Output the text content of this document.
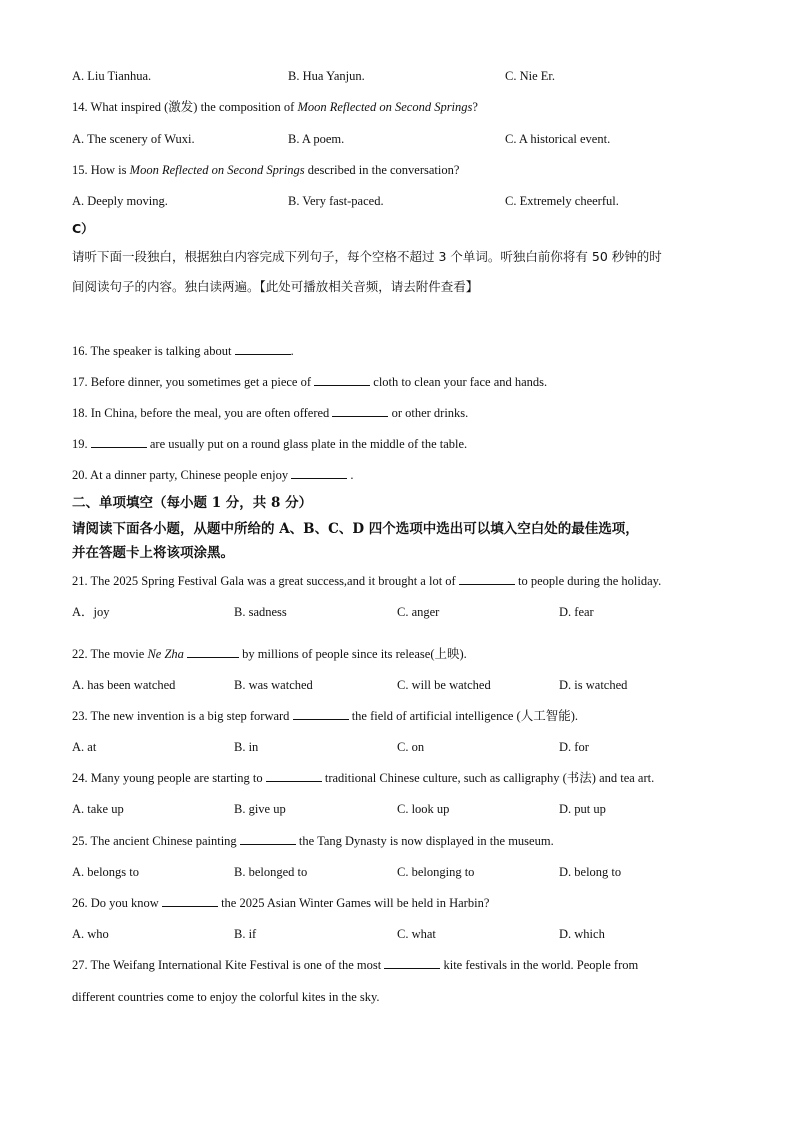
A. Liu Tianhua.	B. Hua Yanjun.	C. Nie Er.
14. What inspired (激发) the composition of Moon Reflected on Second Springs?
A. The scenery of Wuxi.	B. A poem.	C. A historical event.
15. How is Moon Reflected on Second Springs described in the conversation?
A. Deeply moving.	B. Very fast-paced.	C. Extremely cheerful.
C）
请听下面一段独白，根据独白内容完成下列句子，每个空格不超过 3 个单词。听独白前你将有 50 秒钟的时
间阅读句子的内容。独白读两遍。【此处可播放相关音频，请去附件查看】
16. The speaker is talking about	.
17. Before dinner, you sometimes get a piece of	cloth to clean your face and hands.
18. In China, before the meal, you are often offered	or other drinks.
19.	are usually put on a round glass plate in the middle of the table.
20. At a dinner party, Chinese people enjoy	.
二、单项填空（每小题 1 分，共 8 分）
请阅读下面各小题，从题中所给的 A、B、C、D 四个选项中选出可以填入空白处的最佳选项，
并在答题卡上将该项涂黑。
21. The 2025 Spring Festival Gala was a great success,and it brought a lot of	to people during the holiday.
A．joy	B. sadness	C. anger	D. fear
22. The movie Ne Zha	by millions of people since its release(上映).
A. has been watched	B. was watched	C. will be watched	D. is watched
23. The new invention is a big step forward	the field of artificial intelligence (人工智能).
A. at	B. in	C. on	D. for
24. Many young people are starting to	traditional Chinese culture, such as calligraphy (书法) and tea art.
A. take up	B. give up	C. look up	D. put up
25. The ancient Chinese painting	the Tang Dynasty is now displayed in the museum.
A. belongs to	B. belonged to	C. belonging to	D. belong to
26. Do you know	the 2025 Asian Winter Games will be held in Harbin?
A. who	B. if	C. what	D. which
27. The Weifang International Kite Festival is one of the most	kite festivals in the world. People from
different countries come to enjoy the colorful kites in the sky.
